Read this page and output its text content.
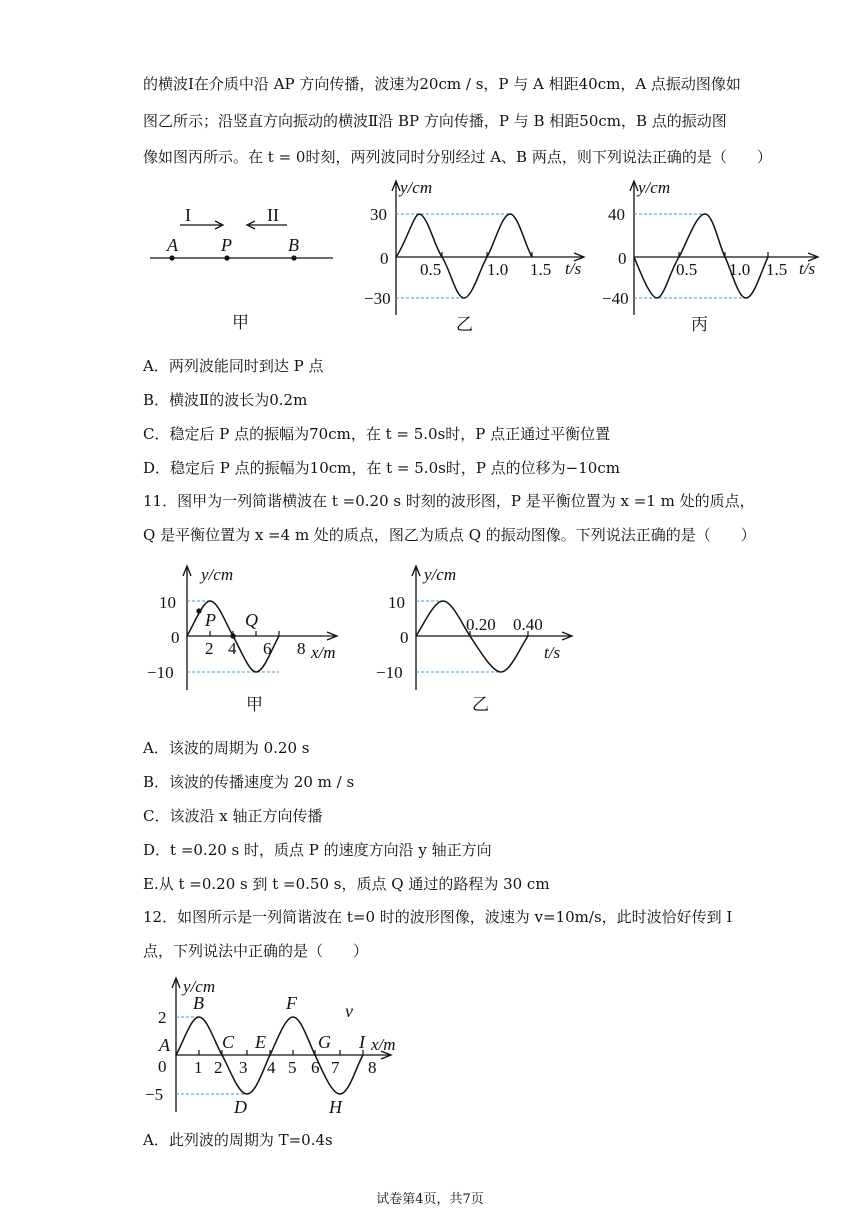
的横波Ⅰ在介质中沿 AP 方向传播，波速为20cm / s，P 与 A 相距40cm，A 点振动图像如
图乙所示；沿竖直方向振动的横波Ⅱ沿 BP 方向传播，P 与 B 相距50cm，B 点的振动图
像如图丙所示。在 t = 0时刻，两列波同时分别经过 A、B 两点，则下列说法正确的是（　　）
I	II
A P	B
甲
y/cm
0.5	1.0 1.5 t/s
30
0
−30
乙
y/cm
0.5 1.0 1.5 t/s
40
0
−40
丙
A．两列波能同时到达 P 点
B．横波Ⅱ的波长为0.2m
C．稳定后 P 点的振幅为70cm，在 t = 5.0s时，P 点正通过平衡位置
D．稳定后 P 点的振幅为10cm，在 t = 5.0s时，P 点的位移为−10cm
11．图甲为一列简谐横波在 t =0.20 s 时刻的波形图，P 是平衡位置为 x =1 m 处的质点，
Q 是平衡位置为 x =4 m 处的质点，图乙为质点 Q 的振动图像。下列说法正确的是（　　）
y/cm
P Q
2 4 6 8 x/m
10
0
−10
甲
y/cm
0.20 0.40
t/s
10
0
−10
乙
A．该波的周期为 0.20 s
B．该波的传播速度为 20 m / s
C．该波沿 x 轴正方向传播
D．t =0.20 s 时，质点 P 的速度方向沿 y 轴正方向
E.从 t =0.20 s 到 t =0.50 s，质点 Q 通过的路程为 30 cm
12．如图所示是一列简谐波在 t=0 时的波形图像，波速为 v=10m/s，此时波恰好传到 I
点，下列说法中正确的是（　　）
y/cm
B	F	v
A	C E	G I x/m
1 2 3 4 5 6 7 8
D	H
2
0
−5
A．此列波的周期为 T=0.4s
试卷第4页，共7页
